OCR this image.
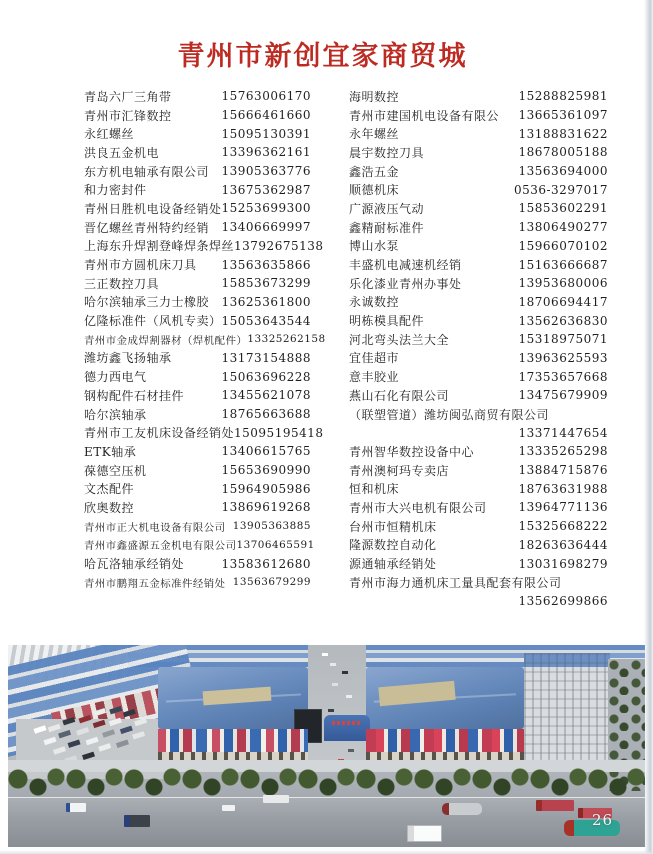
青州市新创宜家商贸城
青岛六厂三角带	15763006170
青州市汇锋数控	15666461660
永红螺丝	15095130391
洪良五金机电	13396362161
东方机电轴承有限公司 13905363776
和力密封件	13675362987
青州日胜机电设备经销处 15253699300
晋亿螺丝青州特约经销 13406669997
上海东升焊割登峰焊条焊丝 13792675138
青州市方圆机床刀具 13563635866
三正数控刀具	15853673299
哈尔滨轴承三力士橡胶 13625361800
亿隆标准件（风机专卖） 15053643544
青州市金成焊割器材（焊机配件） 13325262158
潍坊鑫飞扬轴承	13173154888
德力西电气	15063696228
钢构配件石材挂件	13455621078
哈尔滨轴承	18765663688
青州市工友机床设备经销处 15095195418
ETK轴承	13406615765
葆德空压机	15653690990
文杰配件	15964905986
欣奥数控	13869619268
青州市正大机电设备有限公司 13905363885
青州市鑫盛源五金机电有限公司 13706465591
哈瓦洛轴承经销处	13583612680
青州市鹏翔五金标准件经销处 13563679299
海明数控	15288825981
青州市建国机电设备有限公 13665361097
永年螺丝	13188831622
晨宇数控刀具	18678005188
鑫浩五金	13563694000
顺德机床	0536-3297017
广源液压气动	15853602291
鑫精耐标准件	13806490277
博山水泵	15966070102
丰盛机电减速机经销	15163666687
乐化漆业青州办事处	13953680006
永诚数控	18706694417
明栋模具配件	13562636830
河北弯头法兰大全	15318975071
宜佳超市	13963625593
意丰胶业	17353657668
燕山石化有限公司	13475679909
（联塑管道）潍坊闽弘商贸有限公司
13371447654
青州智华数控设备中心	13335265298
青州澳柯玛专卖店	13884715876
恒和机床	18763631988
青州市大兴电机有限公司	13964771136
台州市恒精机床	15325668222
隆源数控自动化	18263636444
源通轴承经销处	13031698279
青州市海力通机床工量具配套有限公司
13562699866
26
